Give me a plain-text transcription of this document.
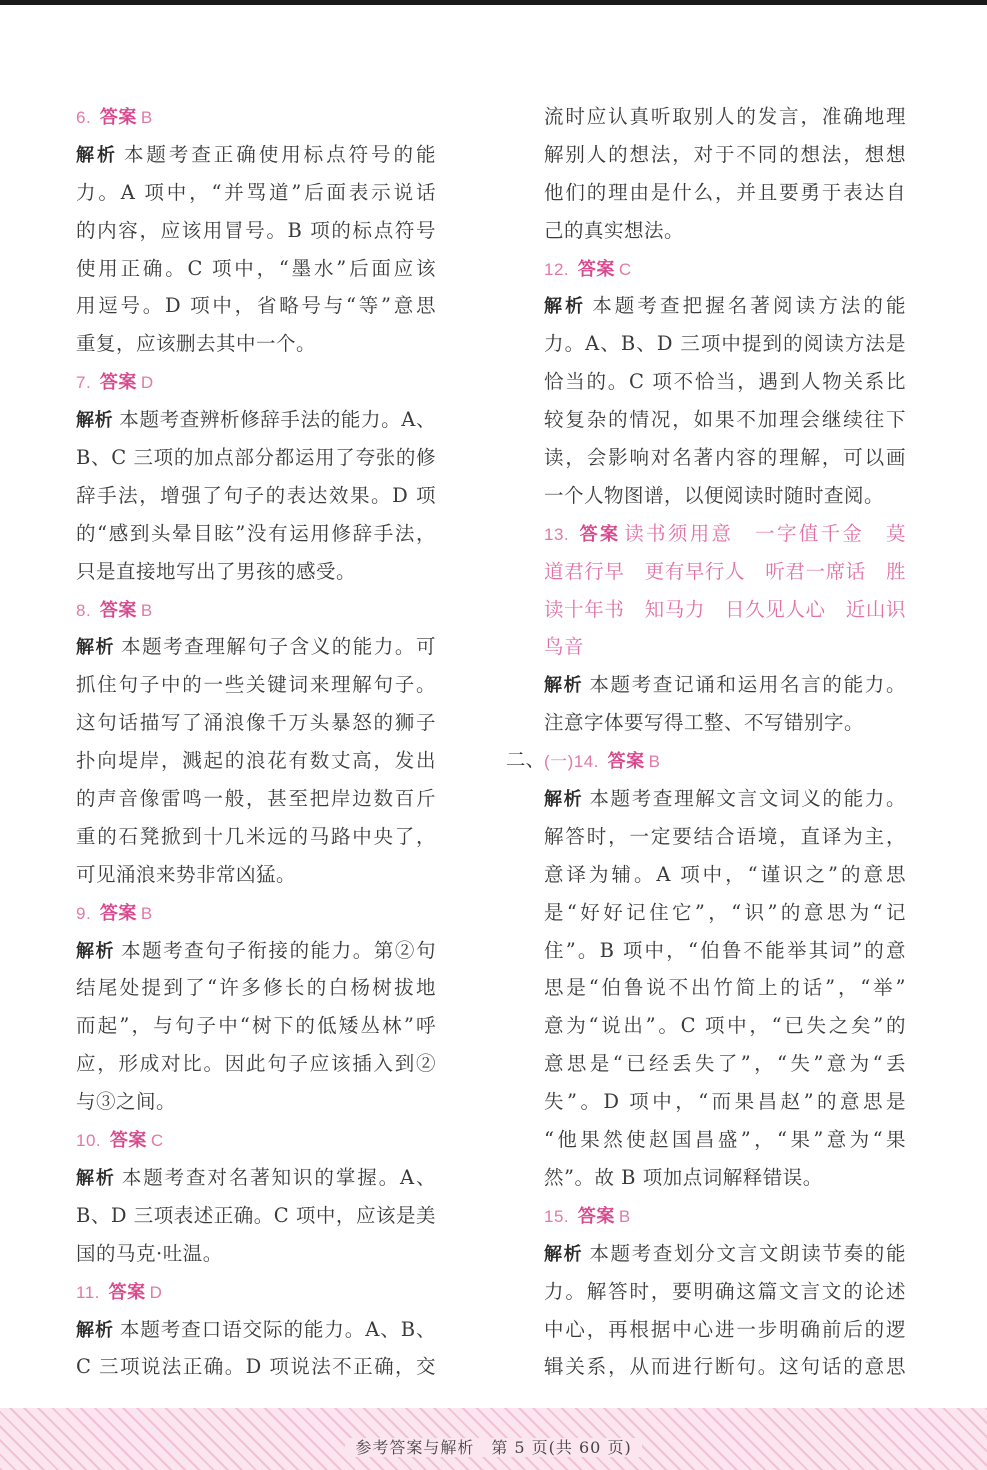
6. 答案 B
解析 本题考查正确使用标点符号的能
力。A 项中，“并骂道”后面表示说话
的内容，应该用冒号。B 项的标点符号
使用正确。C 项中，“墨水”后面应该
用逗号。D 项中，省略号与“等”意思
重复，应该删去其中一个。
7. 答案 D
解析 本题考查辨析修辞手法的能力。A、
B、C 三项的加点部分都运用了夸张的修
辞手法，增强了句子的表达效果。D 项
的“感到头晕目眩”没有运用修辞手法，
只是直接地写出了男孩的感受。
8. 答案 B
解析 本题考查理解句子含义的能力。可
抓住句子中的一些关键词来理解句子。
这句话描写了涌浪像千万头暴怒的狮子
扑向堤岸，溅起的浪花有数丈高，发出
的声音像雷鸣一般，甚至把岸边数百斤
重的石凳掀到十几米远的马路中央了，
可见涌浪来势非常凶猛。
9. 答案 B
解析 本题考查句子衔接的能力。第②句
结尾处提到了“许多修长的白杨树拔地
而起”，与句子中“树下的低矮丛林”呼
应，形成对比。因此句子应该插入到②
与③之间。
10. 答案 C
解析 本题考查对名著知识的掌握。A、
B、D 三项表述正确。C 项中，应该是美
国的马克·吐温。
11. 答案 D
解析 本题考查口语交际的能力。A、B、
C 三项说法正确。D 项说法不正确，交
流时应认真听取别人的发言，准确地理
解别人的想法，对于不同的想法，想想
他们的理由是什么，并且要勇于表达自
己的真实想法。
12. 答案 C
解析 本题考查把握名著阅读方法的能
力。A、B、D 三项中提到的阅读方法是
恰当的。C 项不恰当，遇到人物关系比
较复杂的情况，如果不加理会继续往下
读，会影响对名著内容的理解，可以画
一个人物图谱，以便阅读时随时查阅。
13. 答案 读书须用意　一字值千金　莫
道君行早　更有早行人　听君一席话　胜
读十年书　知马力　日久见人心　近山识
鸟音
解析 本题考查记诵和运用名言的能力。
注意字体要写得工整、不写错别字。
(一)14. 答案 B
解析 本题考查理解文言文词义的能力。
解答时，一定要结合语境，直译为主，
意译为辅。A 项中，“谨识之”的意思
是“好好记住它”，“识”的意思为“记
住”。B 项中，“伯鲁不能举其词”的意
思是“伯鲁说不出竹简上的话”，“举”
意为“说出”。C 项中，“已失之矣”的
意思是“已经丢失了”，“失”意为“丢
失”。D 项中，“而果昌赵”的意思是
“他果然使赵国昌盛”，“果”意为“果
然”。故 B 项加点词解释错误。
15. 答案 B
解析 本题考查划分文言文朗读节奏的能
力。解答时，要明确这篇文言文的论述
中心，再根据中心进一步明确前后的逻
辑关系，从而进行断句。这句话的意思
二、
参考答案与解析　第 5 页(共 60 页)
